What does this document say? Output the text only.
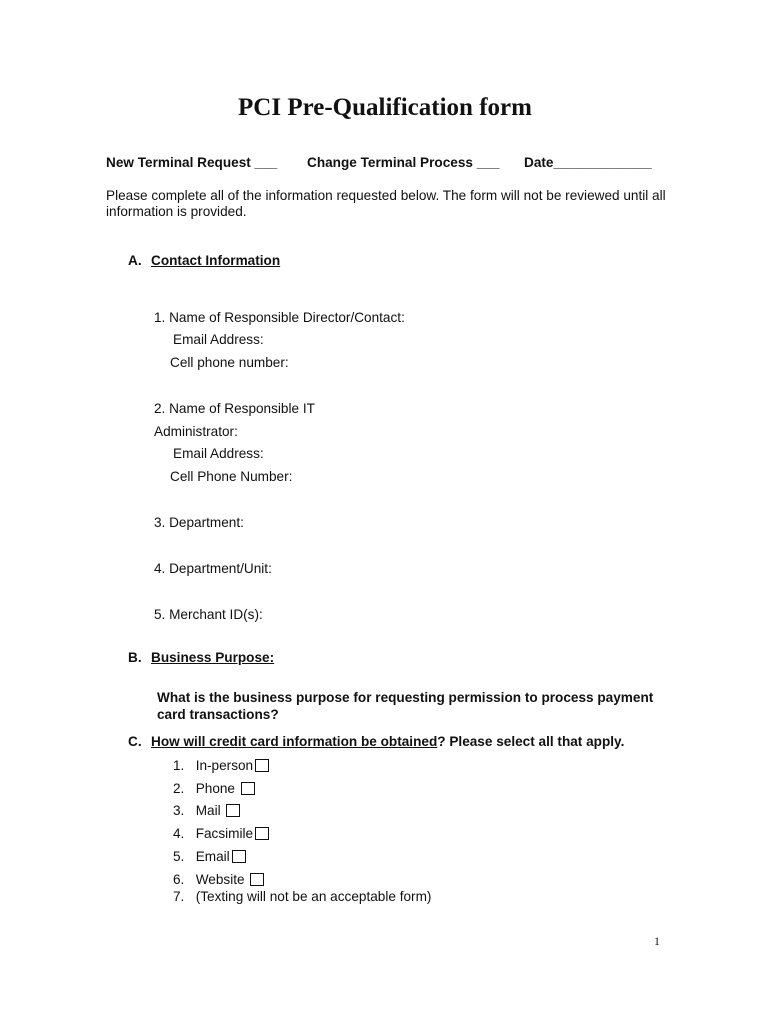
PCI Pre-Qualification form
New Terminal Request ___ Change Terminal Process ___ Date_____________
Please complete all of the information requested below. The form will not be reviewed until all information is provided.
A. Contact Information
1. Name of Responsible Director/Contact:
Email Address:
Cell phone number:
2. Name of Responsible IT
Administrator:
Email Address:
Cell Phone Number:
3. Department:
4. Department/Unit:
5. Merchant ID(s):
B. Business Purpose:
What is the business purpose for requesting permission to process payment card transactions?
C. How will credit card information be obtained? Please select all that apply.
1. In-person
2. Phone
3. Mail
4. Facsimile
5. Email
6. Website
7. (Texting will not be an acceptable form)
1
